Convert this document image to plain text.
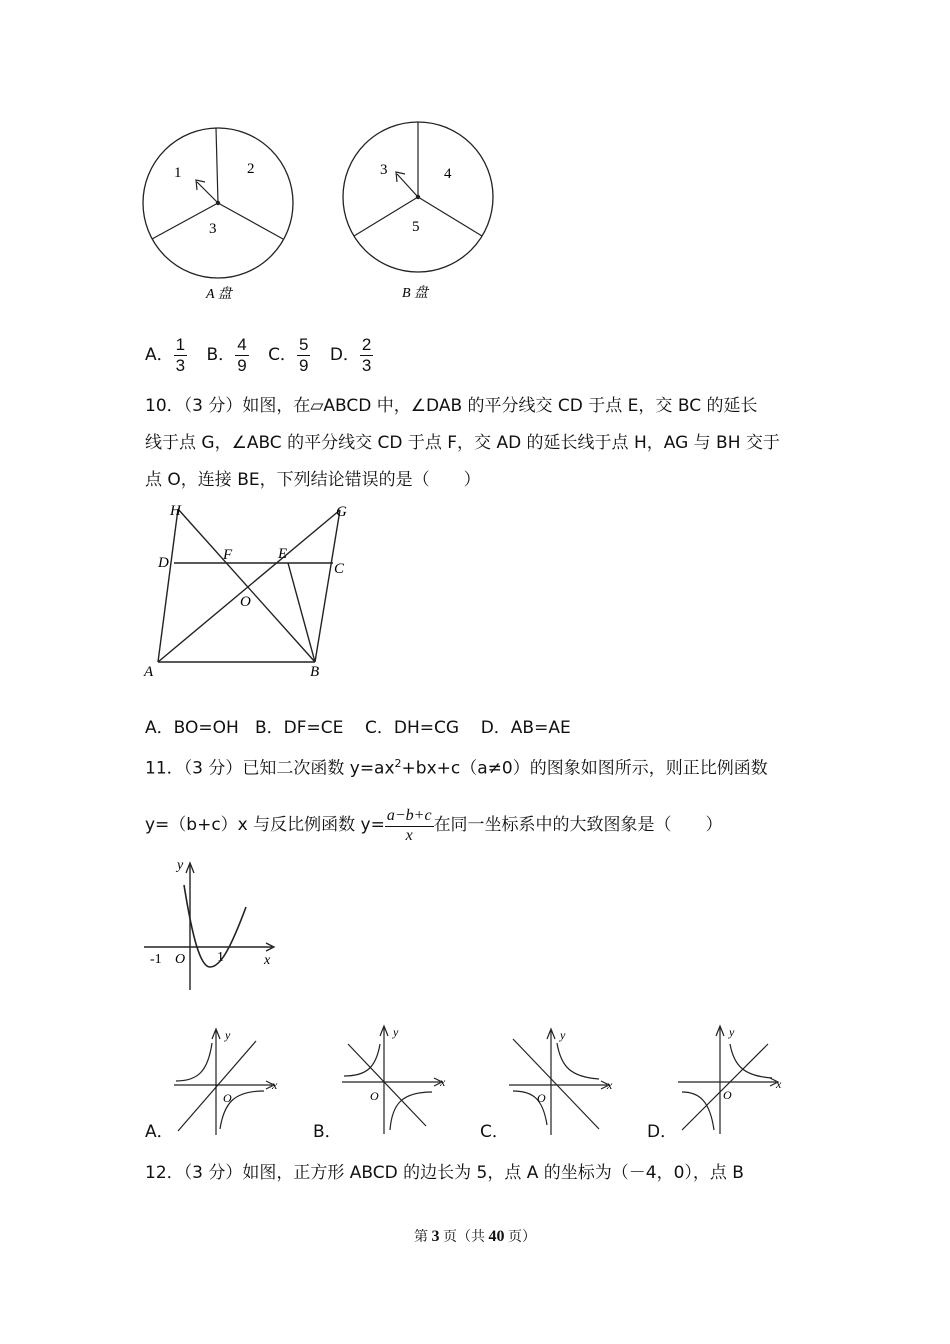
1	2
3
A 盘
3	4
5
B 盘
A． $\frac{1}{3}$ B． $\frac{4}{9}$ C． $\frac{5}{9}$ D． $\frac{2}{3}$
10．（3 分）如图，在▱ABCD 中，∠DAB 的平分线交 CD 于点 E，交 BC 的延长
线于点 G，∠ABC 的平分线交 CD 于点 F，交 AD 的延长线于点 H，AG 与 BH 交于
点 O，连接 BE，下列结论错误的是（　　）
H	G
D	F	E
C
O
A	B
A．BO=OH B．DF=CE C．DH=CG D．AB=AE
11．（3 分）已知二次函数 $y=ax^2+bx+c(a\ne 0)$的图象如图所示，则正比例函数
y=（b+c）x 与反比例函数 $y= \frac{a-b+c}{x}$ 在同一坐标系中的大致图象是（　　）
y
x
-1 O 1
A．
y
x
O
B．
y
x
O
C．
y
x
O
D．
y
x
O
12．（3 分）如图，正方形 ABCD 的边长为 5，点 A 的坐标为（－4，0），点 B
第 3 页（共 40 页）
